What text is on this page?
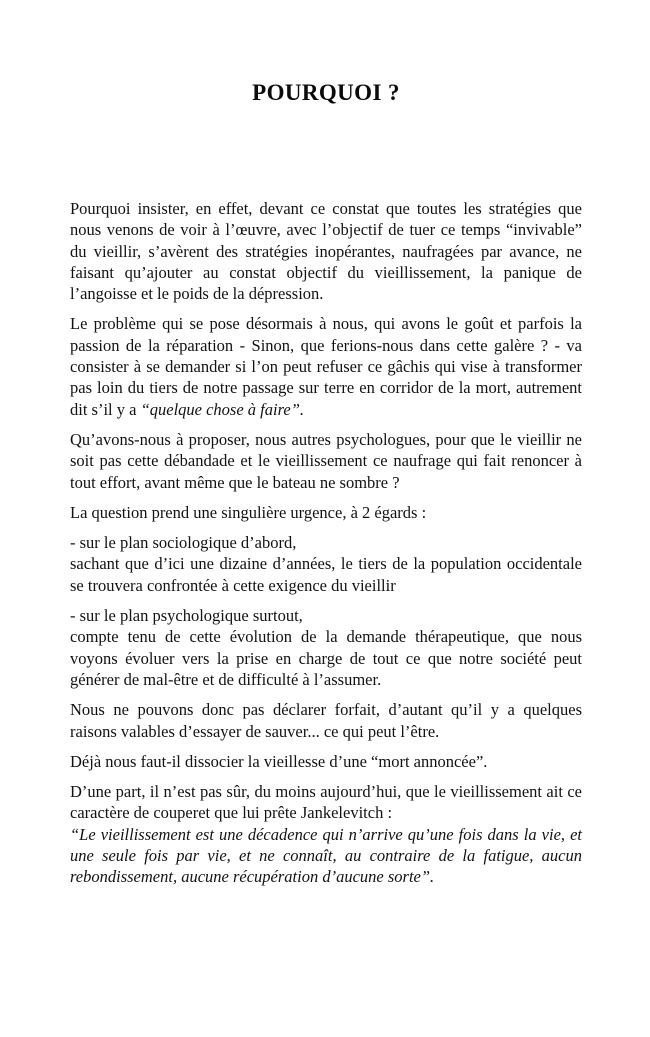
POURQUOI ?

Pourquoi insister, en effet, devant ce constat que toutes les stratégies que nous venons de voir à l’œuvre, avec l’objectif de tuer ce temps “invivable” du vieillir, s’avèrent des stratégies inopérantes, naufragées par avance, ne faisant qu’ajouter au constat objectif du vieillissement, la panique de l’angoisse et le poids de la dépression.

Le problème qui se pose désormais à nous, qui avons le goût et parfois la passion de la réparation - Sinon, que ferions-nous dans cette galère ? - va consister à se demander si l’on peut refuser ce gâchis qui vise à transformer pas loin du tiers de notre passage sur terre en corridor de la mort, autrement dit s’il y a “quelque chose à faire”.

Qu’avons-nous à proposer, nous autres psychologues, pour que le vieillir ne soit pas cette débandade et le vieillissement ce naufrage qui fait renoncer à tout effort, avant même que le bateau ne sombre ?

La question prend une singulière urgence, à 2 égards :

- sur le plan sociologique d’abord,
sachant que d’ici une dizaine d’années, le tiers de la population occidentale se trouvera confrontée à cette exigence du vieillir

- sur le plan psychologique surtout,
compte tenu de cette évolution de la demande thérapeutique, que nous voyons évoluer vers la prise en charge de tout ce que notre société peut générer de mal-être et de difficulté à l’assumer.

Nous ne pouvons donc pas déclarer forfait, d’autant qu’il y a quelques raisons valables d’essayer de sauver... ce qui peut l’être.

Déjà nous faut-il dissocier la vieillesse d’une “mort annoncée”.

D’une part, il n’est pas sûr, du moins aujourd’hui, que le vieillissement ait ce caractère de couperet que lui prête Jankelevitch :
“Le vieillissement est une décadence qui n’arrive qu’une fois dans la vie, et une seule fois par vie, et ne connaît, au contraire de la fatigue, aucun rebondissement, aucune récupération d’aucune sorte”.
